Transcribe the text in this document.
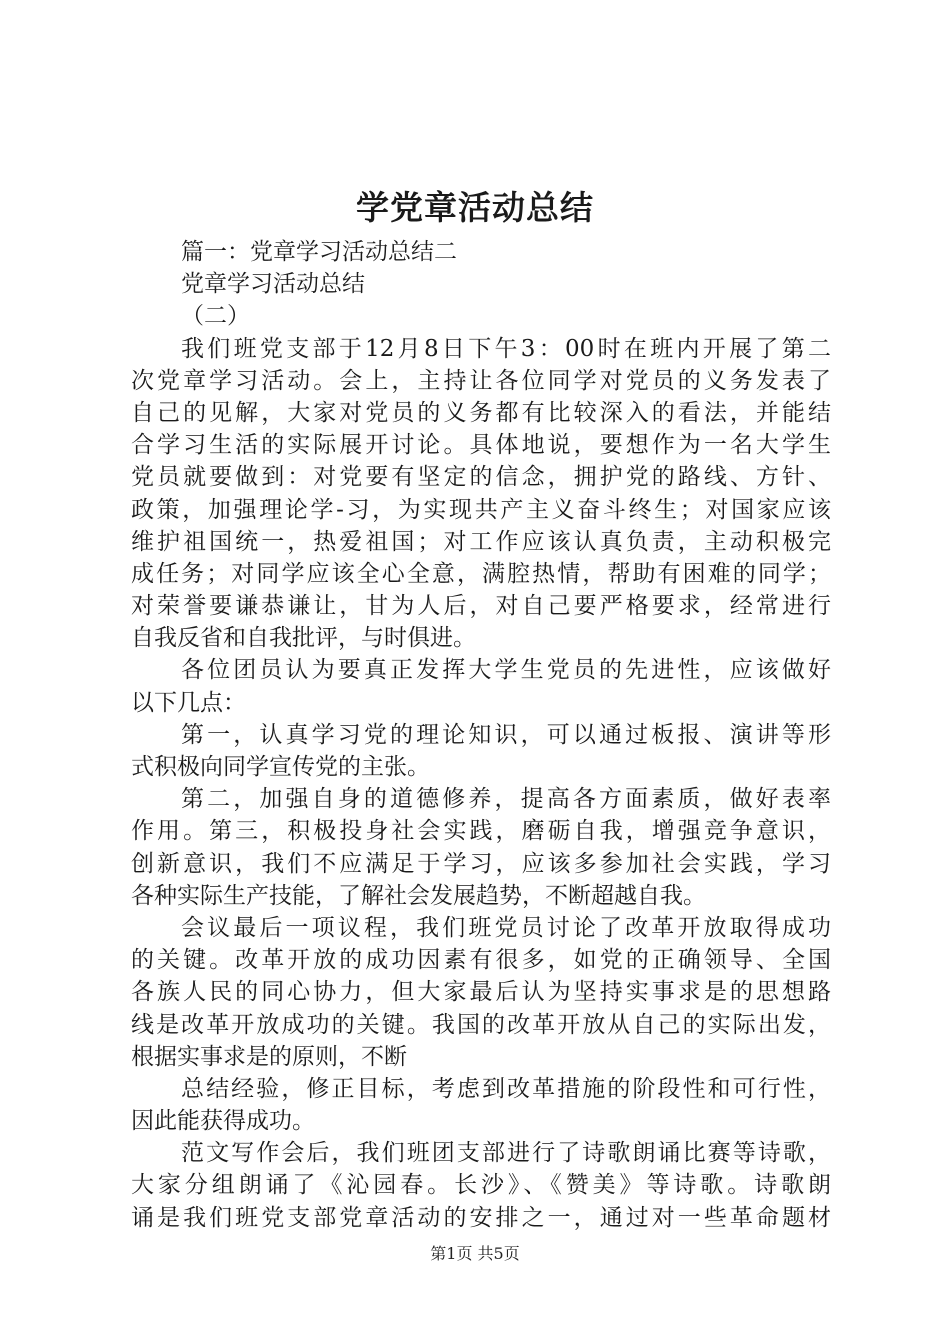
学党章活动总结
篇一：党章学习活动总结二
党章学习活动总结
（二）
我们班党支部于12月8日下午3：00时在班内开展了第二
次党章学习活动。会上，主持让各位同学对党员的义务发表了
自己的见解，大家对党员的义务都有比较深入的看法，并能结
合学习生活的实际展开讨论。具体地说，要想作为一名大学生
党员就要做到：对党要有坚定的信念，拥护党的路线、方针、
政策，加强理论学-习，为实现共产主义奋斗终生；对国家应该
维护祖国统一，热爱祖国；对工作应该认真负责，主动积极完
成任务；对同学应该全心全意，满腔热情，帮助有困难的同学；
对荣誉要谦恭谦让，甘为人后，对自己要严格要求，经常进行
自我反省和自我批评，与时俱进。
各位团员认为要真正发挥大学生党员的先进性，应该做好
以下几点：
第一，认真学习党的理论知识，可以通过板报、演讲等形
式积极向同学宣传党的主张。
第二，加强自身的道德修养，提高各方面素质，做好表率
作用。第三，积极投身社会实践，磨砺自我，增强竞争意识，
创新意识，我们不应满足于学习，应该多参加社会实践，学习
各种实际生产技能，了解社会发展趋势，不断超越自我。
会议最后一项议程，我们班党员讨论了改革开放取得成功
的关键。改革开放的成功因素有很多，如党的正确领导、全国
各族人民的同心协力，但大家最后认为坚持实事求是的思想路
线是改革开放成功的关键。我国的改革开放从自己的实际出发，
根据实事求是的原则，不断
总结经验，修正目标，考虑到改革措施的阶段性和可行性，
因此能获得成功。
范文写作会后，我们班团支部进行了诗歌朗诵比赛等诗歌，
大家分组朗诵了《沁园春。长沙》、《赞美》等诗歌。诗歌朗
诵是我们班党支部党章活动的安排之一，通过对一些革命题材
第1页 共5页
